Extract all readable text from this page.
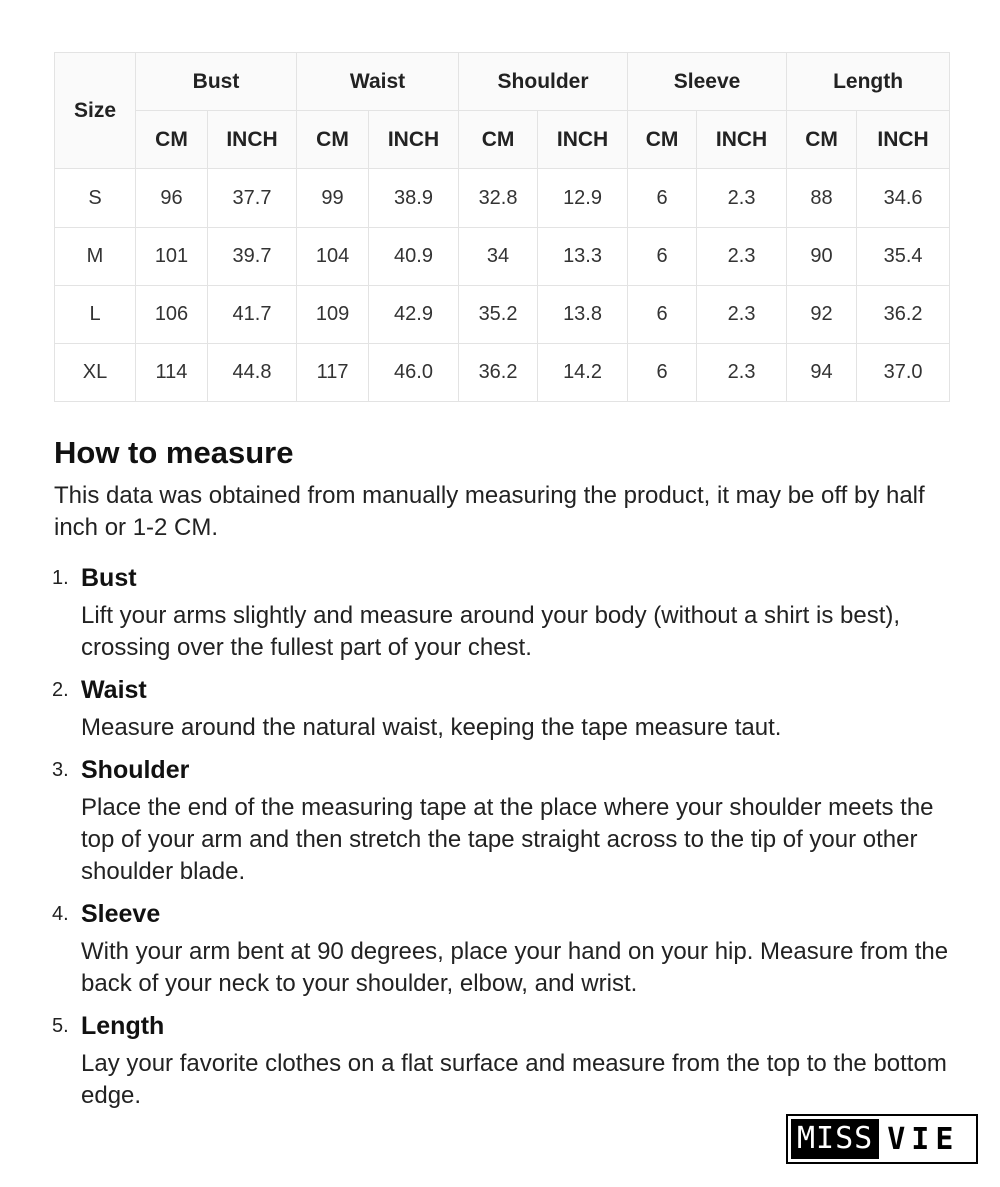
Size	Bust		Waist		Shoulder		Sleeve		Length	
	CM	INCH	CM	INCH	CM	INCH	CM	INCH	CM	INCH
S	96	37.7	99	38.9	32.8	12.9	6	2.3	88	34.6
M	101	39.7	104	40.9	34	13.3	6	2.3	90	35.4
L	106	41.7	109	42.9	35.2	13.8	6	2.3	92	36.2
XL	114	44.8	117	46.0	36.2	14.2	6	2.3	94	37.0
How to measure

This data was obtained from manually measuring the product, it may be off by half inch or 1-2 CM.

1. Bust

Lift your arms slightly and measure around your body (without a shirt is best), crossing over the fullest part of your chest.

2. Waist

Measure around the natural waist, keeping the tape measure taut.

3. Shoulder

Place the end of the measuring tape at the place where your shoulder meets the top of your arm and then stretch the tape straight across to the tip of your other shoulder blade.

4. Sleeve

With your arm bent at 90 degrees, place your hand on your hip. Measure from the back of your neck to your shoulder, elbow, and wrist.

5. Length

Lay your favorite clothes on a flat surface and measure from the top to the bottom edge.

MISS VIE
